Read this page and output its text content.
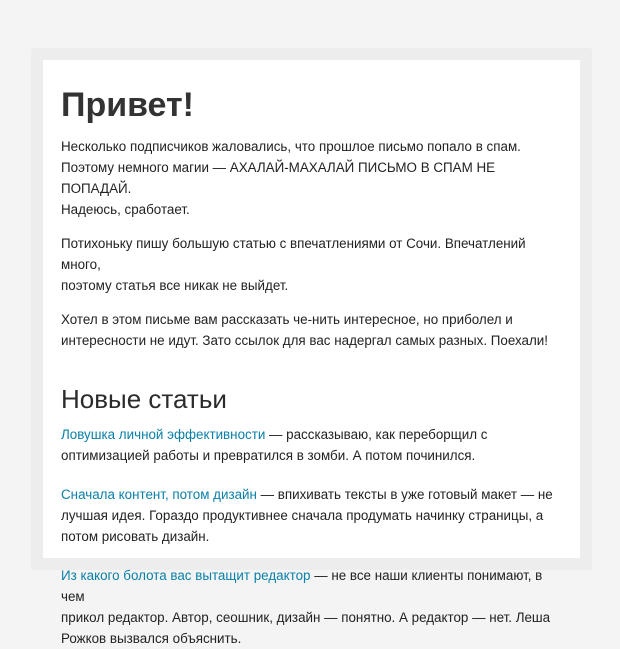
Привет!

Несколько подписчиков жаловались, что прошлое письмо попало в спам.
Поэтому немного магии — АХАЛАЙ-МАХАЛАЙ ПИСЬМО В СПАМ НЕ ПОПАДАЙ.
Надеюсь, сработает.

Потихоньку пишу большую статью с впечатлениями от Сочи. Впечатлений много,
поэтому статья все никак не выйдет.

Хотел в этом письме вам рассказать че-нить интересное, но приболел и
интересности не идут. Зато ссылок для вас надергал самых разных. Поехали!

Новые статьи
Ловушка личной эффективности — рассказываю, как переборщил с
оптимизацией работы и превратился в зомби. А потом починился.
Сначала контент, потом дизайн — впихивать тексты в уже готовый макет — не
лучшая идея. Гораздо продуктивнее сначала продумать начинку страницы, а
потом рисовать дизайн.
Из какого болота вас вытащит редактор — не все наши клиенты понимают, в чем
прикол редактор. Автор, сеошник, дизайн — понятно. А редактор — нет. Леша
Рожков вызвался объяснить.
